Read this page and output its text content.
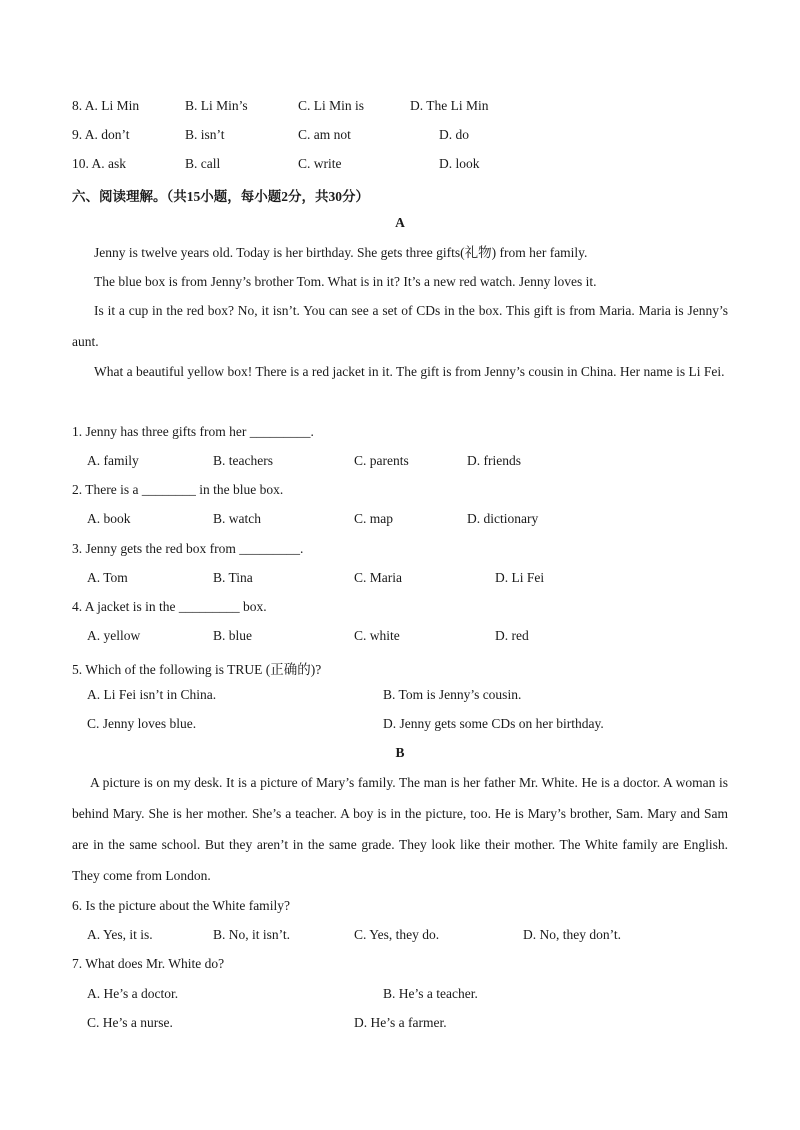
8. A. Li Min	B. Li Min’s	C. Li Min is	D. The Li Min
9. A. don’t	B. isn’t	C. am not	D. do
10. A. ask	B. call	C. write	D. look
六、阅读理解。（共15小题，每小题2分，共30分）
A
Jenny is twelve years old. Today is her birthday. She gets three gifts(礼物) from her family.
The blue box is from Jenny’s brother Tom. What is in it? It’s a new red watch. Jenny loves it.
Is it a cup in the red box? No, it isn’t. You can see a set of CDs in the box. This gift is from Maria. Maria is Jenny’s aunt.
What a beautiful yellow box! There is a red jacket in it. The gift is from Jenny’s cousin in China. Her name is Li Fei.
1. Jenny has three gifts from her _________.
A. family	B. teachers	C. parents	D. friends
2. There is a ________ in the blue box.
A. book	B. watch	C. map	D. dictionary
3. Jenny gets the red box from _________.
A. Tom	B. Tina	C. Maria	D. Li Fei
4. A jacket is in the _________ box.
A. yellow	B. blue	C. white	D. red
5. Which of the following is TRUE (正确的)?
A. Li Fei isn’t in China.	B. Tom is Jenny’s cousin.
C. Jenny loves blue.	D. Jenny gets some CDs on her birthday.
B
A picture is on my desk. It is a picture of Mary’s family. The man is her father Mr. White. He is a doctor. A woman is behind Mary. She is her mother. She’s a teacher. A boy is in the picture, too. He is Mary’s brother, Sam. Mary and Sam are in the same school. But they aren’t in the same grade. They look like their mother. The White family are English. They come from London.
6. Is the picture about the White family?
A. Yes, it is.	B. No, it isn’t.	C. Yes, they do.	D. No, they don’t.
7. What does Mr. White do?
A. He’s a doctor.	B. He’s a teacher.
C. He’s a nurse.	D. He’s a farmer.
